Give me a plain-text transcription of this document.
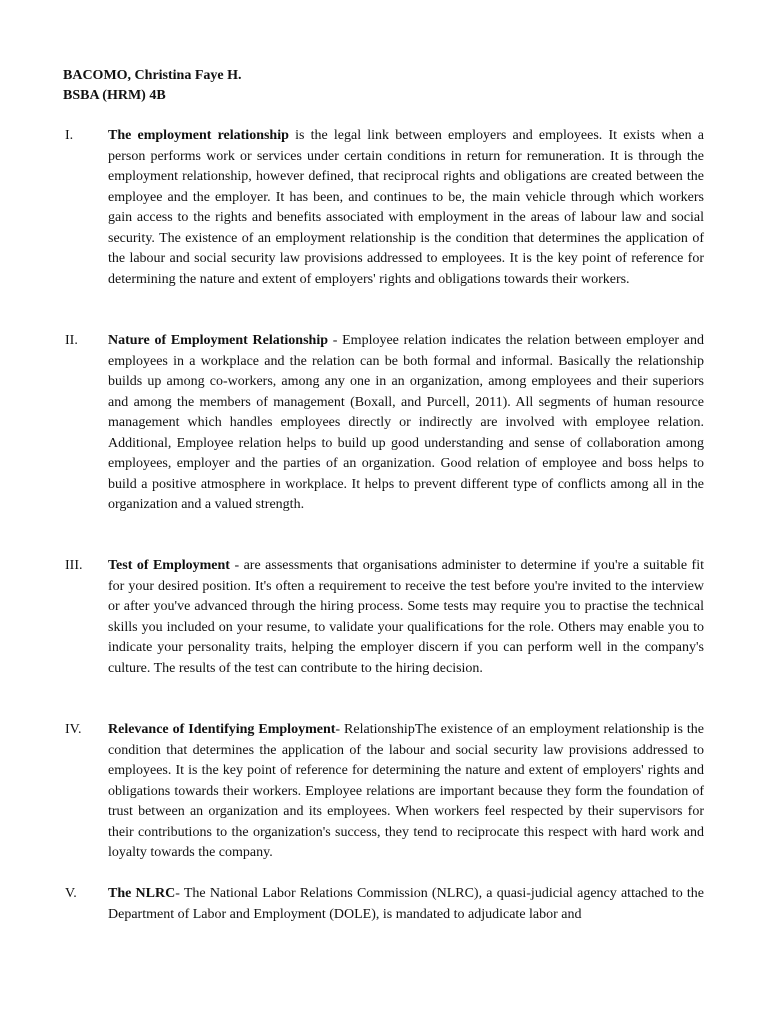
BACOMO, Christina Faye H.
BSBA (HRM) 4B
I.	The employment relationship is the legal link between employers and employees. It exists when a person performs work or services under certain conditions in return for remuneration. It is through the employment relationship, however defined, that reciprocal rights and obligations are created between the employee and the employer. It has been, and continues to be, the main vehicle through which workers gain access to the rights and benefits associated with employment in the areas of labour law and social security. The existence of an employment relationship is the condition that determines the application of the labour and social security law provisions addressed to employees. It is the key point of reference for determining the nature and extent of employers' rights and obligations towards their workers.
II.	Nature of Employment Relationship - Employee relation indicates the relation between employer and employees in a workplace and the relation can be both formal and informal. Basically the relationship builds up among co-workers, among any one in an organization, among employees and their superiors and among the members of management (Boxall, and Purcell, 2011). All segments of human resource management which handles employees directly or indirectly are involved with employee relation. Additional, Employee relation helps to build up good understanding and sense of collaboration among employees, employer and the parties of an organization. Good relation of employee and boss helps to build a positive atmosphere in workplace. It helps to prevent different type of conflicts among all in the organization and a valued strength.
III.	Test of Employment - are assessments that organisations administer to determine if you're a suitable fit for your desired position. It's often a requirement to receive the test before you're invited to the interview or after you've advanced through the hiring process. Some tests may require you to practise the technical skills you included on your resume, to validate your qualifications for the role. Others may enable you to indicate your personality traits, helping the employer discern if you can perform well in the company's culture. The results of the test can contribute to the hiring decision.
IV.	Relevance of Identifying Employment- RelationshipThe existence of an employment relationship is the condition that determines the application of the labour and social security law provisions addressed to employees. It is the key point of reference for determining the nature and extent of employers' rights and obligations towards their workers. Employee relations are important because they form the foundation of trust between an organization and its employees. When workers feel respected by their supervisors for their contributions to the organization's success, they tend to reciprocate this respect with hard work and loyalty towards the company.
V.	The NLRC- The National Labor Relations Commission (NLRC), a quasi-judicial agency attached to the Department of Labor and Employment (DOLE), is mandated to adjudicate labor and
